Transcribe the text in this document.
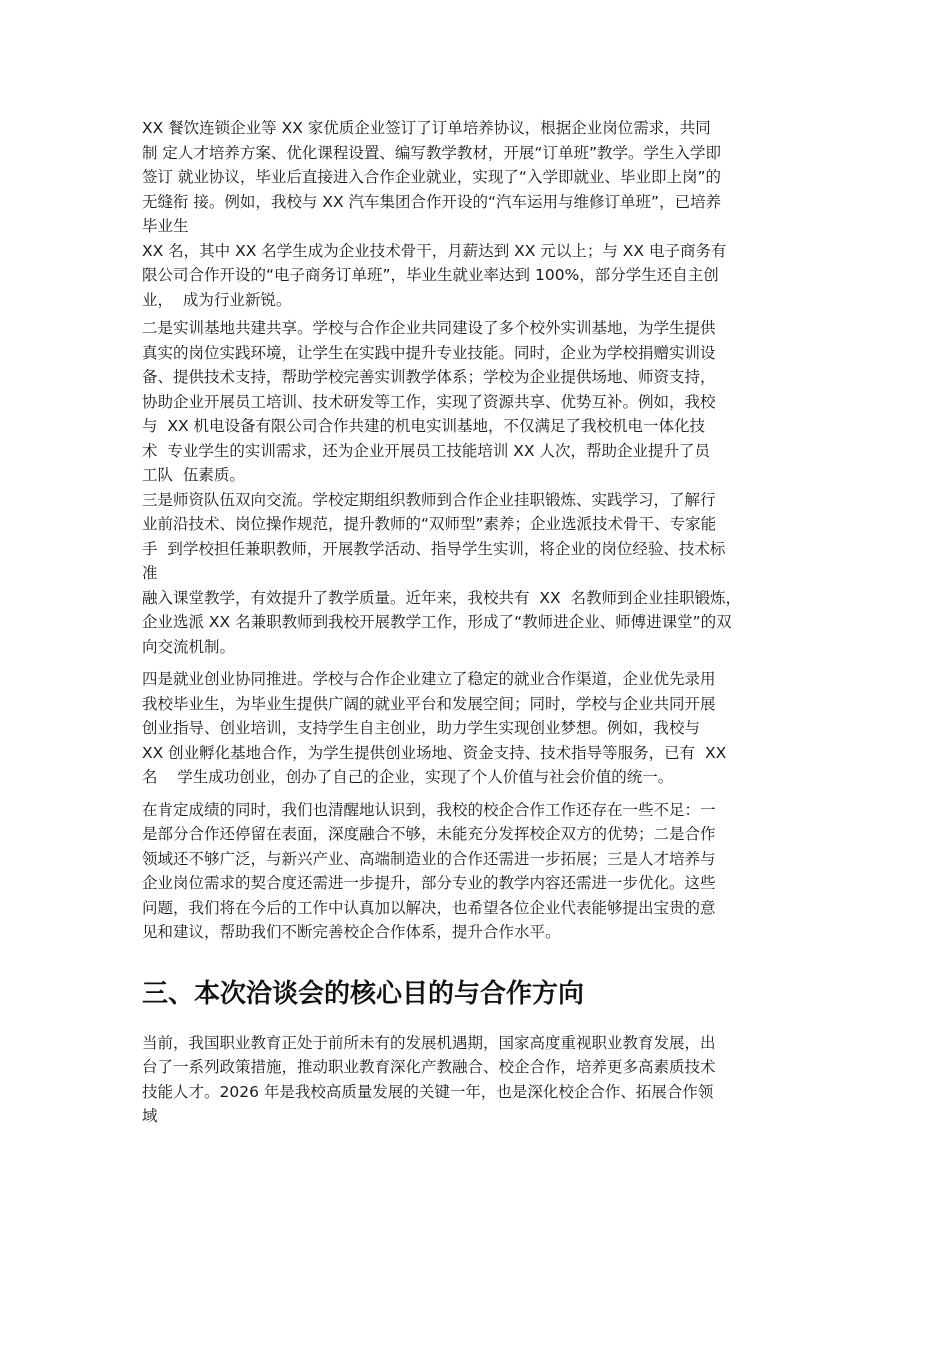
XX 餐饮连锁企业等 XX 家优质企业签订了订单培养协议，根据企业岗位需求，共同
制 定人才培养方案、优化课程设置、编写教学教材，开展“订单班”教学。学生入学即
签订 就业协议，毕业后直接进入合作企业就业，实现了“入学即就业、毕业即上岗”的
无缝衔 接。例如，我校与 XX 汽车集团合作开设的“汽车运用与维修订单班”，已培养
毕业生
XX 名，其中 XX 名学生成为企业技术骨干，月薪达到 XX 元以上；与 XX 电子商务有
限公司合作开设的“电子商务订单班”，毕业生就业率达到 100%，部分学生还自主创
业，  成为行业新锐。

二是实训基地共建共享。学校与合作企业共同建设了多个校外实训基地，为学生提供
真实的岗位实践环境，让学生在实践中提升专业技能。同时，企业为学校捐赠实训设
备、提供技术支持，帮助学校完善实训教学体系；学校为企业提供场地、师资支持，
协助企业开展员工培训、技术研发等工作，实现了资源共享、优势互补。例如，我校
与  XX 机电设备有限公司合作共建的机电实训基地，不仅满足了我校机电一体化技
术  专业学生的实训需求，还为企业开展员工技能培训 XX 人次，帮助企业提升了员
工队  伍素质。

三是师资队伍双向交流。学校定期组织教师到合作企业挂职锻炼、实践学习，了解行
业前沿技术、岗位操作规范，提升教师的“双师型”素养；企业选派技术骨干、专家能
手  到学校担任兼职教师，开展教学活动、指导学生实训，将企业的岗位经验、技术标
准
融入课堂教学，有效提升了教学质量。近年来，我校共有  XX  名教师到企业挂职锻炼，
企业选派 XX 名兼职教师到我校开展教学工作，形成了“教师进企业、师傅进课堂”的双
向交流机制。

四是就业创业协同推进。学校与合作企业建立了稳定的就业合作渠道，企业优先录用
我校毕业生，为毕业生提供广阔的就业平台和发展空间；同时，学校与企业共同开展
创业指导、创业培训，支持学生自主创业，助力学生实现创业梦想。例如，我校与
XX 创业孵化基地合作，为学生提供创业场地、资金支持、技术指导等服务，已有  XX
名    学生成功创业，创办了自己的企业，实现了个人价值与社会价值的统一。

在肯定成绩的同时，我们也清醒地认识到，我校的校企合作工作还存在一些不足：一
是部分合作还停留在表面，深度融合不够，未能充分发挥校企双方的优势；二是合作
领域还不够广泛，与新兴产业、高端制造业的合作还需进一步拓展；三是人才培养与
企业岗位需求的契合度还需进一步提升，部分专业的教学内容还需进一步优化。这些
问题，我们将在今后的工作中认真加以解决，也希望各位企业代表能够提出宝贵的意
见和建议，帮助我们不断完善校企合作体系，提升合作水平。

三、本次洽谈会的核心目的与合作方向

当前，我国职业教育正处于前所未有的发展机遇期，国家高度重视职业教育发展，出
台了一系列政策措施，推动职业教育深化产教融合、校企合作，培养更多高素质技术
技能人才。2026 年是我校高质量发展的关键一年，也是深化校企合作、拓展合作领
域
